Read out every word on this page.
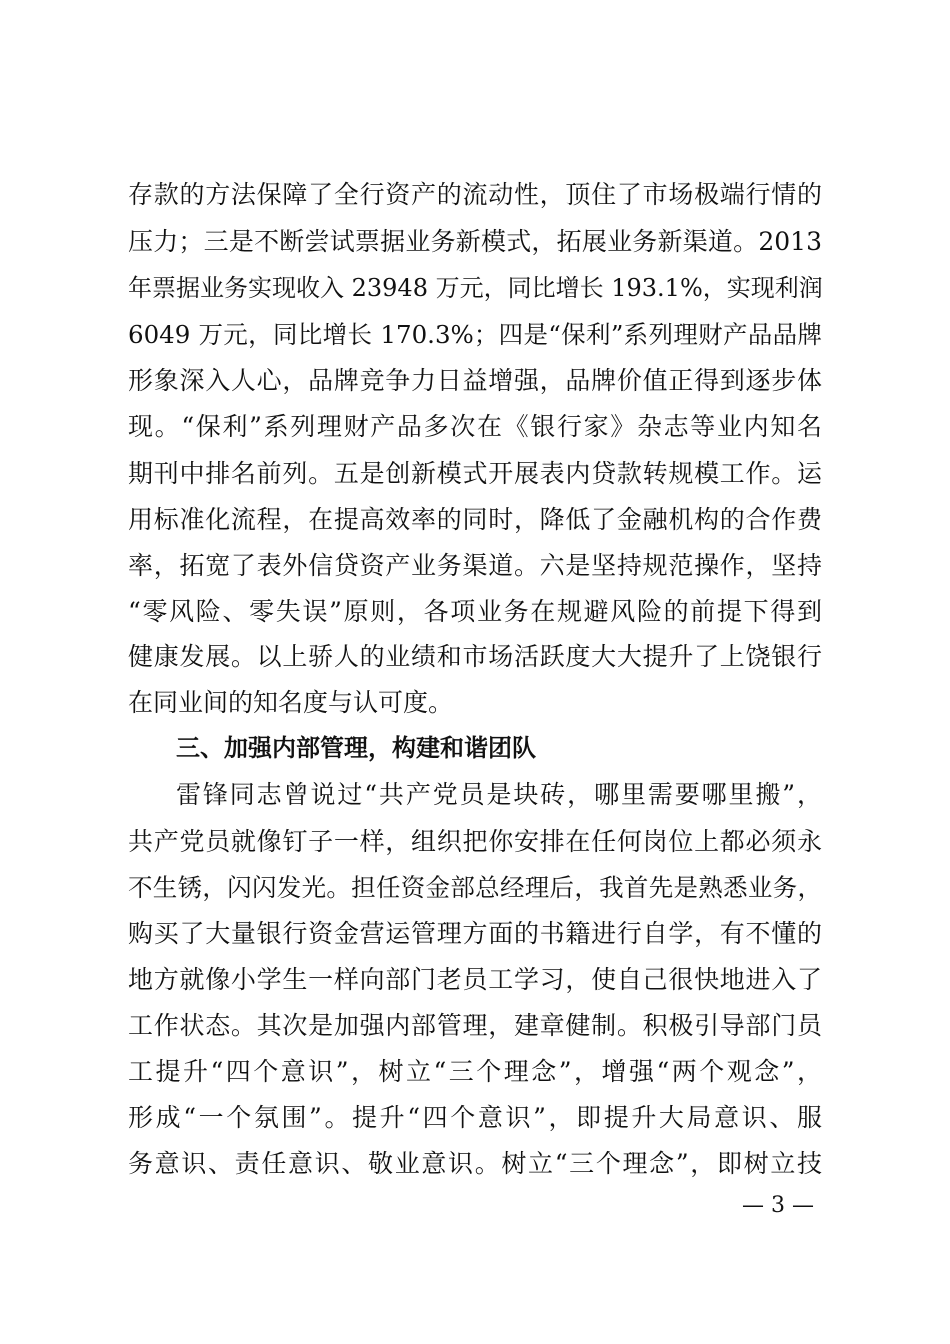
存款的方法保障了全行资产的流动性，顶住了市场极端行情的
压力；三是不断尝试票据业务新模式，拓展业务新渠道。2013
年票据业务实现收入 23948 万元，同比增长 193.1%，实现利润
6049 万元，同比增长 170.3%；四是“保利”系列理财产品品牌
形象深入人心，品牌竞争力日益增强，品牌价值正得到逐步体
现。“保利”系列理财产品多次在《银行家》杂志等业内知名
期刊中排名前列。五是创新模式开展表内贷款转规模工作。运
用标准化流程，在提高效率的同时，降低了金融机构的合作费
率，拓宽了表外信贷资产业务渠道。六是坚持规范操作，坚持
“零风险、零失误”原则，各项业务在规避风险的前提下得到
健康发展。以上骄人的业绩和市场活跃度大大提升了上饶银行
在同业间的知名度与认可度。
三、加强内部管理，构建和谐团队
雷锋同志曾说过“共产党员是块砖，哪里需要哪里搬”，
共产党员就像钉子一样，组织把你安排在任何岗位上都必须永
不生锈，闪闪发光。担任资金部总经理后，我首先是熟悉业务，
购买了大量银行资金营运管理方面的书籍进行自学，有不懂的
地方就像小学生一样向部门老员工学习，使自己很快地进入了
工作状态。其次是加强内部管理，建章健制。积极引导部门员
工提升“四个意识”，树立“三个理念”，增强“两个观念”，
形成“一个氛围”。提升“四个意识”，即提升大局意识、服
务意识、责任意识、敬业意识。树立“三个理念”，即树立技
— 3 —
